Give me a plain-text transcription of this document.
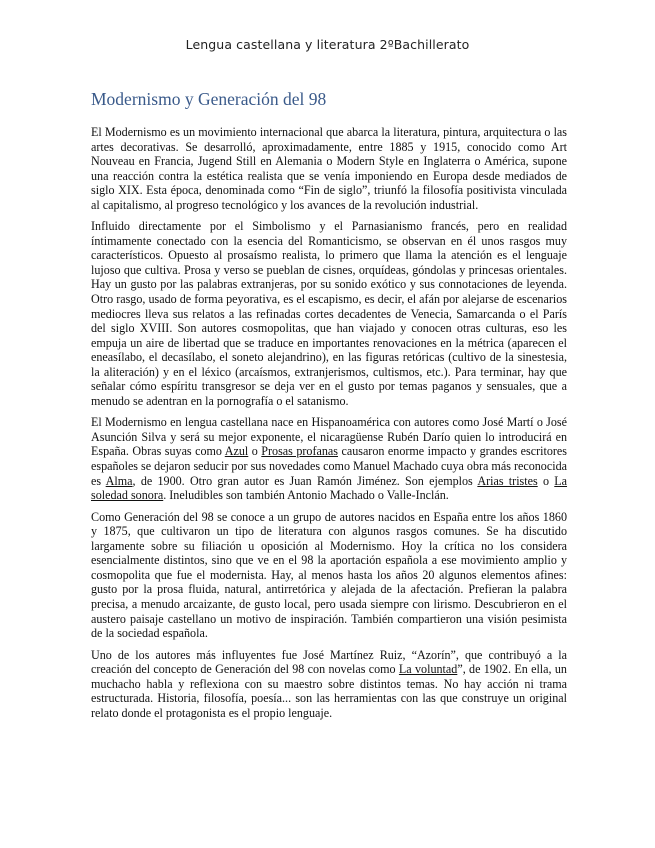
Lengua castellana y literatura 2ºBachillerato
Modernismo y Generación del 98

El Modernismo es un movimiento internacional que abarca la literatura, pintura, arquitectura o las artes decorativas. Se desarrolló, aproximadamente, entre 1885 y 1915, conocido como Art Nouveau en Francia, Jugend Still en Alemania o Modern Style en Inglaterra o América, supone una reacción contra la estética realista que se venía imponiendo en Europa desde mediados de siglo XIX. Esta época, denominada como “Fin de siglo”, triunfó la filosofía positivista vinculada al capitalismo, al progreso tecnológico y los avances de la revolución industrial.

Influido directamente por el Simbolismo y el Parnasianismo francés, pero en realidad íntimamente conectado con la esencia del Romanticismo, se observan en él unos rasgos muy característicos. Opuesto al prosaísmo realista, lo primero que llama la atención es el lenguaje lujoso que cultiva. Prosa y verso se pueblan de cisnes, orquídeas, góndolas y princesas orientales. Hay un gusto por las palabras extranjeras, por su sonido exótico y sus connotaciones de leyenda. Otro rasgo, usado de forma peyorativa, es el escapismo, es decir, el afán por alejarse de escenarios mediocres lleva sus relatos a las refinadas cortes decadentes de Venecia, Samarcanda o el París del siglo XVIII. Son autores cosmopolitas, que han viajado y conocen otras culturas, eso les empuja un aire de libertad que se traduce en importantes renovaciones en la métrica (aparecen el eneasílabo, el decasílabo, el soneto alejandrino), en las figuras retóricas (cultivo de la sinestesia, la aliteración) y en el léxico (arcaísmos, extranjerismos, cultismos, etc.). Para terminar, hay que señalar cómo espíritu transgresor se deja ver en el gusto por temas paganos y sensuales, que a menudo se adentran en la pornografía o el satanismo.

El Modernismo en lengua castellana nace en Hispanoamérica con autores como José Martí o José Asunción Silva y será su mejor exponente, el nicaragüense Rubén Darío quien lo introducirá en España. Obras suyas como Azul o Prosas profanas causaron enorme impacto y grandes escritores españoles se dejaron seducir por sus novedades como Manuel Machado cuya obra más reconocida es Alma, de 1900. Otro gran autor es Juan Ramón Jiménez. Son ejemplos Arias tristes o La soledad sonora. Ineludibles son también Antonio Machado o Valle-Inclán.

Como Generación del 98 se conoce a un grupo de autores nacidos en España entre los años 1860 y 1875, que cultivaron un tipo de literatura con algunos rasgos comunes. Se ha discutido largamente sobre su filiación u oposición al Modernismo. Hoy la crítica no los considera esencialmente distintos, sino que ve en el 98 la aportación española a ese movimiento amplio y cosmopolita que fue el modernista. Hay, al menos hasta los años 20 algunos elementos afines: gusto por la prosa fluida, natural, antirretórica y alejada de la afectación. Prefieran la palabra precisa, a menudo arcaizante, de gusto local, pero usada siempre con lirismo. Descubrieron en el austero paisaje castellano un motivo de inspiración. También compartieron una visión pesimista de la sociedad española.

Uno de los autores más influyentes fue José Martínez Ruiz, “Azorín”, que contribuyó a la creación del concepto de Generación del 98 con novelas como La voluntad”, de 1902. En ella, un muchacho habla y reflexiona con su maestro sobre distintos temas. No hay acción ni trama estructurada. Historia, filosofía, poesía... son las herramientas con las que construye un original relato donde el protagonista es el propio lenguaje.
